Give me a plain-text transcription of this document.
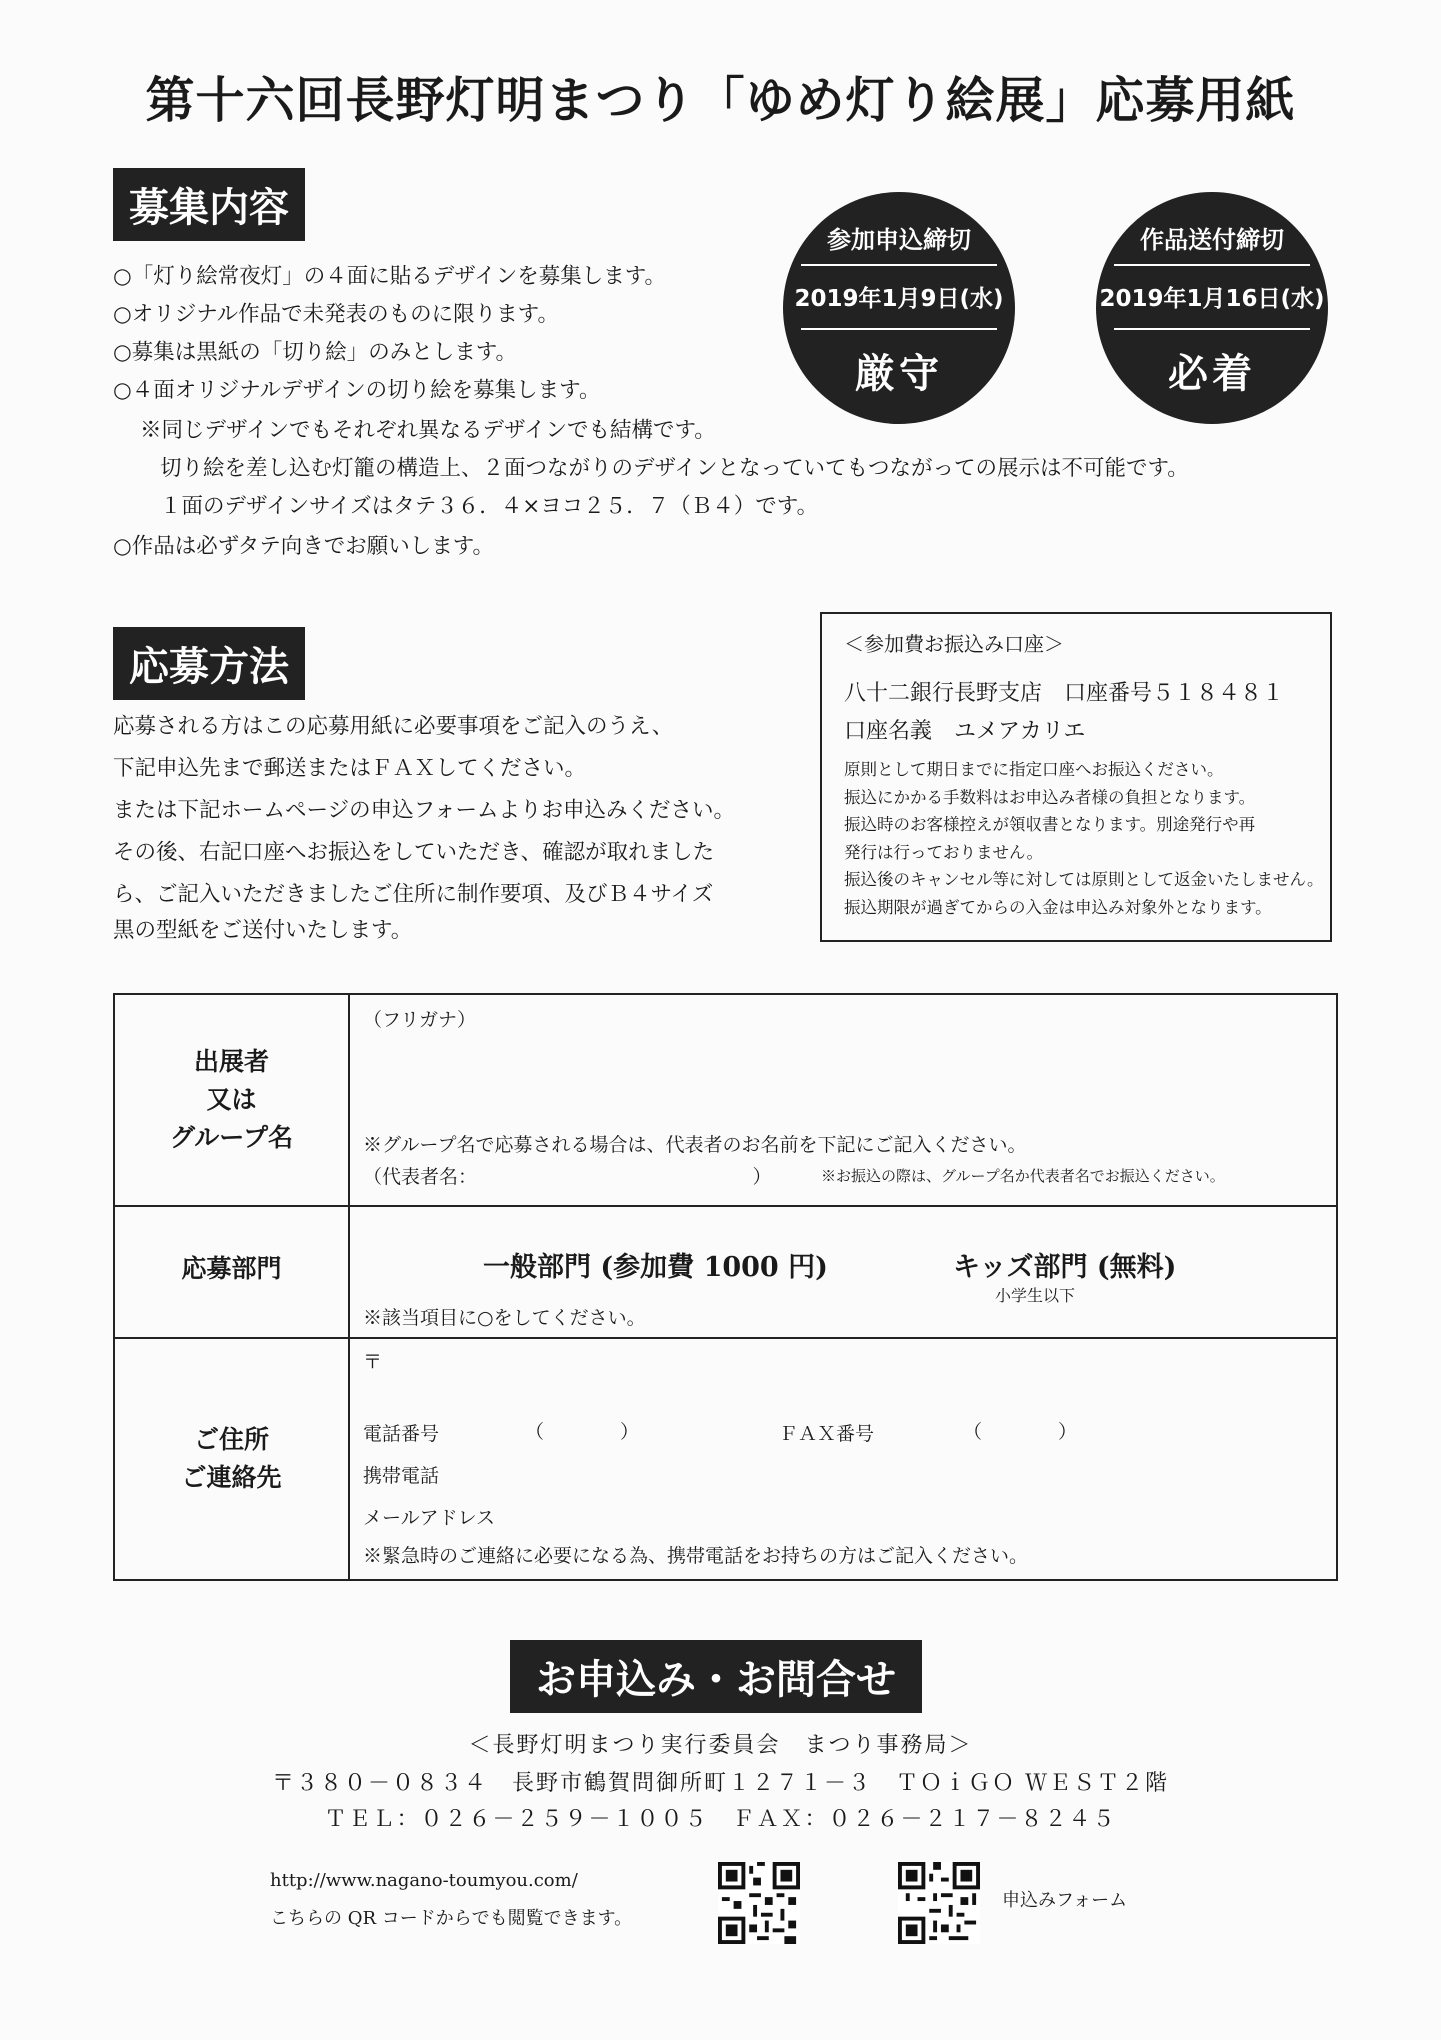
第十六回長野灯明まつり「ゆめ灯り絵展」応募用紙
募集内容
○「灯り絵常夜灯」の４面に貼るデザインを募集します。
○オリジナル作品で未発表のものに限ります。
○募集は黒紙の「切り絵」のみとします。
○４面オリジナルデザインの切り絵を募集します。
※同じデザインでもそれぞれ異なるデザインでも結構です。
切り絵を差し込む灯籠の構造上、２面つながりのデザインとなっていてもつながっての展示は不可能です。
１面のデザインサイズはタテ３６．４×ヨコ２５．７（Ｂ４）です。
○作品は必ずタテ向きでお願いします。
参加申込締切
2019年1月9日(水)
厳守
作品送付締切
2019年1月16日(水)
必着
応募方法
応募される方はこの応募用紙に必要事項をご記入のうえ、
下記申込先まで郵送またはＦＡＸしてください。
または下記ホームページの申込フォームよりお申込みください。
その後、右記口座へお振込をしていただき、確認が取れました
ら、ご記入いただきましたご住所に制作要項、及びＢ４サイズ
黒の型紙をご送付いたします。
＜参加費お振込み口座＞
八十二銀行長野支店　口座番号５１８４８１
口座名義　ユメアカリエ
原則として期日までに指定口座へお振込ください。
振込にかかる手数料はお申込み者様の負担となります。
振込時のお客様控えが領収書となります。別途発行や再
発行は行っておりません。
振込後のキャンセル等に対しては原則として返金いたしません。
振込期限が過ぎてからの入金は申込み対象外となります。
出展者
又は
グループ名
（フリガナ）
※グループ名で応募される場合は、代表者のお名前を下記にご記入ください。
（代表者名：　　　　　　　　　　　　　　　）	※お振込の際は、グループ名か代表者名でお振込ください。
応募部門	一般部門 (参加費 1000 円)	キッズ部門 (無料)
小学生以下
※該当項目に○をしてください。
ご住所
ご連絡先
〒
電話番号	（　　　　）	ＦＡＸ番号	（　　　　）
携帯電話
メールアドレス
※緊急時のご連絡に必要になる為、携帯電話をお持ちの方はご記入ください。
お申込み・お問合せ
＜長野灯明まつり実行委員会　まつり事務局＞
〒３８０－０８３４　長野市鶴賀問御所町１２７１－３　ＴＯｉＧＯ ＷＥＳＴ２階
ＴＥＬ：０２６－２５９－１００５　ＦＡＸ：０２６－２１７－８２４５
http://www.nagano-toumyou.com/
こちらの QR コードからでも閲覧できます。
申込みフォーム
